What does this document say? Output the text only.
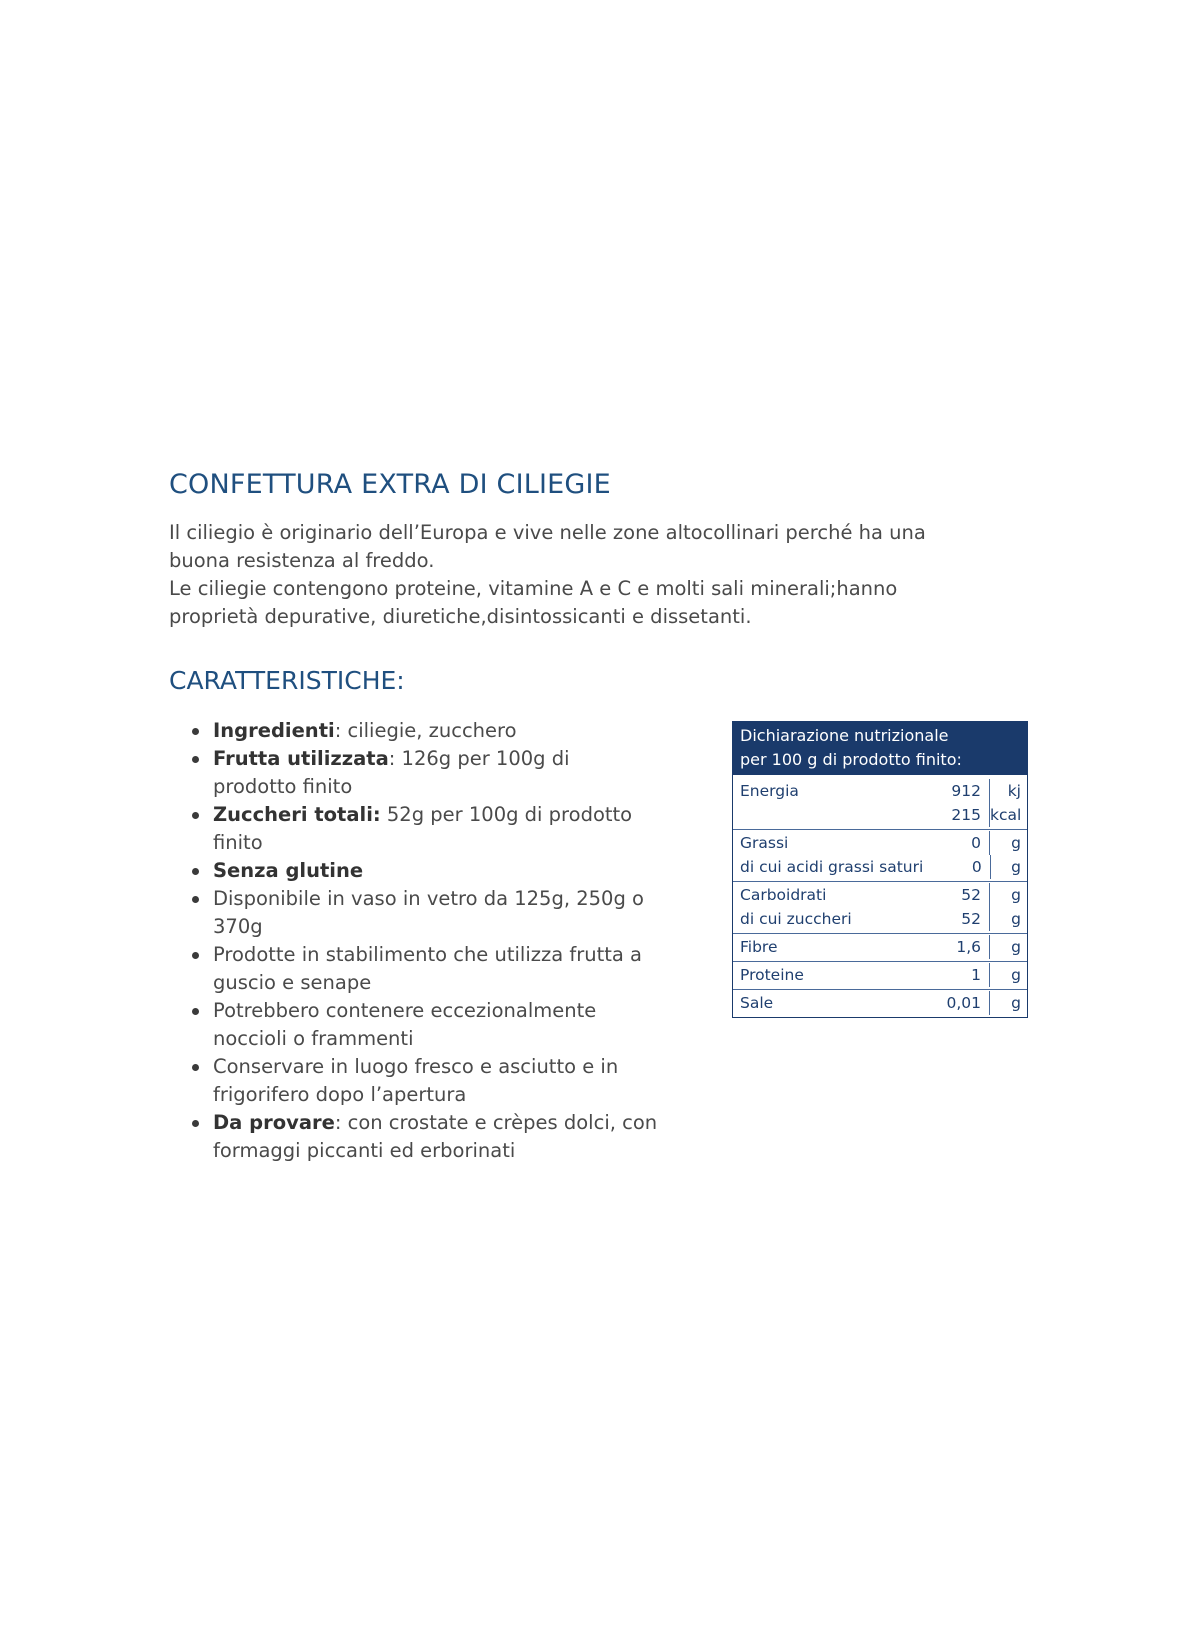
CONFETTURA EXTRA DI CILIEGIE

Il ciliegio è originario dell’Europa e vive nelle zone altocollinari perché ha una buona resistenza al freddo.

Le ciliegie contengono proteine, vitamine A e C e molti sali minerali;hanno proprietà depurative, diuretiche,disintossicanti e dissetanti.

CARATTERISTICHE:
Ingredienti: ciliegie, zucchero
Frutta utilizzata: 126g per 100g di prodotto finito
Zuccheri totali: 52g per 100g di prodotto finito
Senza glutine
Disponibile in vaso in vetro da 125g, 250g o 370g
Prodotte in stabilimento che utilizza frutta a guscio e senape
Potrebbero contenere eccezionalmente noccioli o frammenti
Conservare in luogo fresco e asciutto e in frigorifero dopo l’apertura
Da provare: con crostate e crèpes dolci, con formaggi piccanti ed erborinati
Dichiarazione nutrizionale
per 100 g di prodotto finito:
Energia	912	kj
215 kcal
Grassi	0	g
di cui acidi grassi saturi	0	g
Carboidrati	52	g
di cui zuccheri	52	g
Fibre	1,6	g
Proteine	1	g
Sale	0,01	g
